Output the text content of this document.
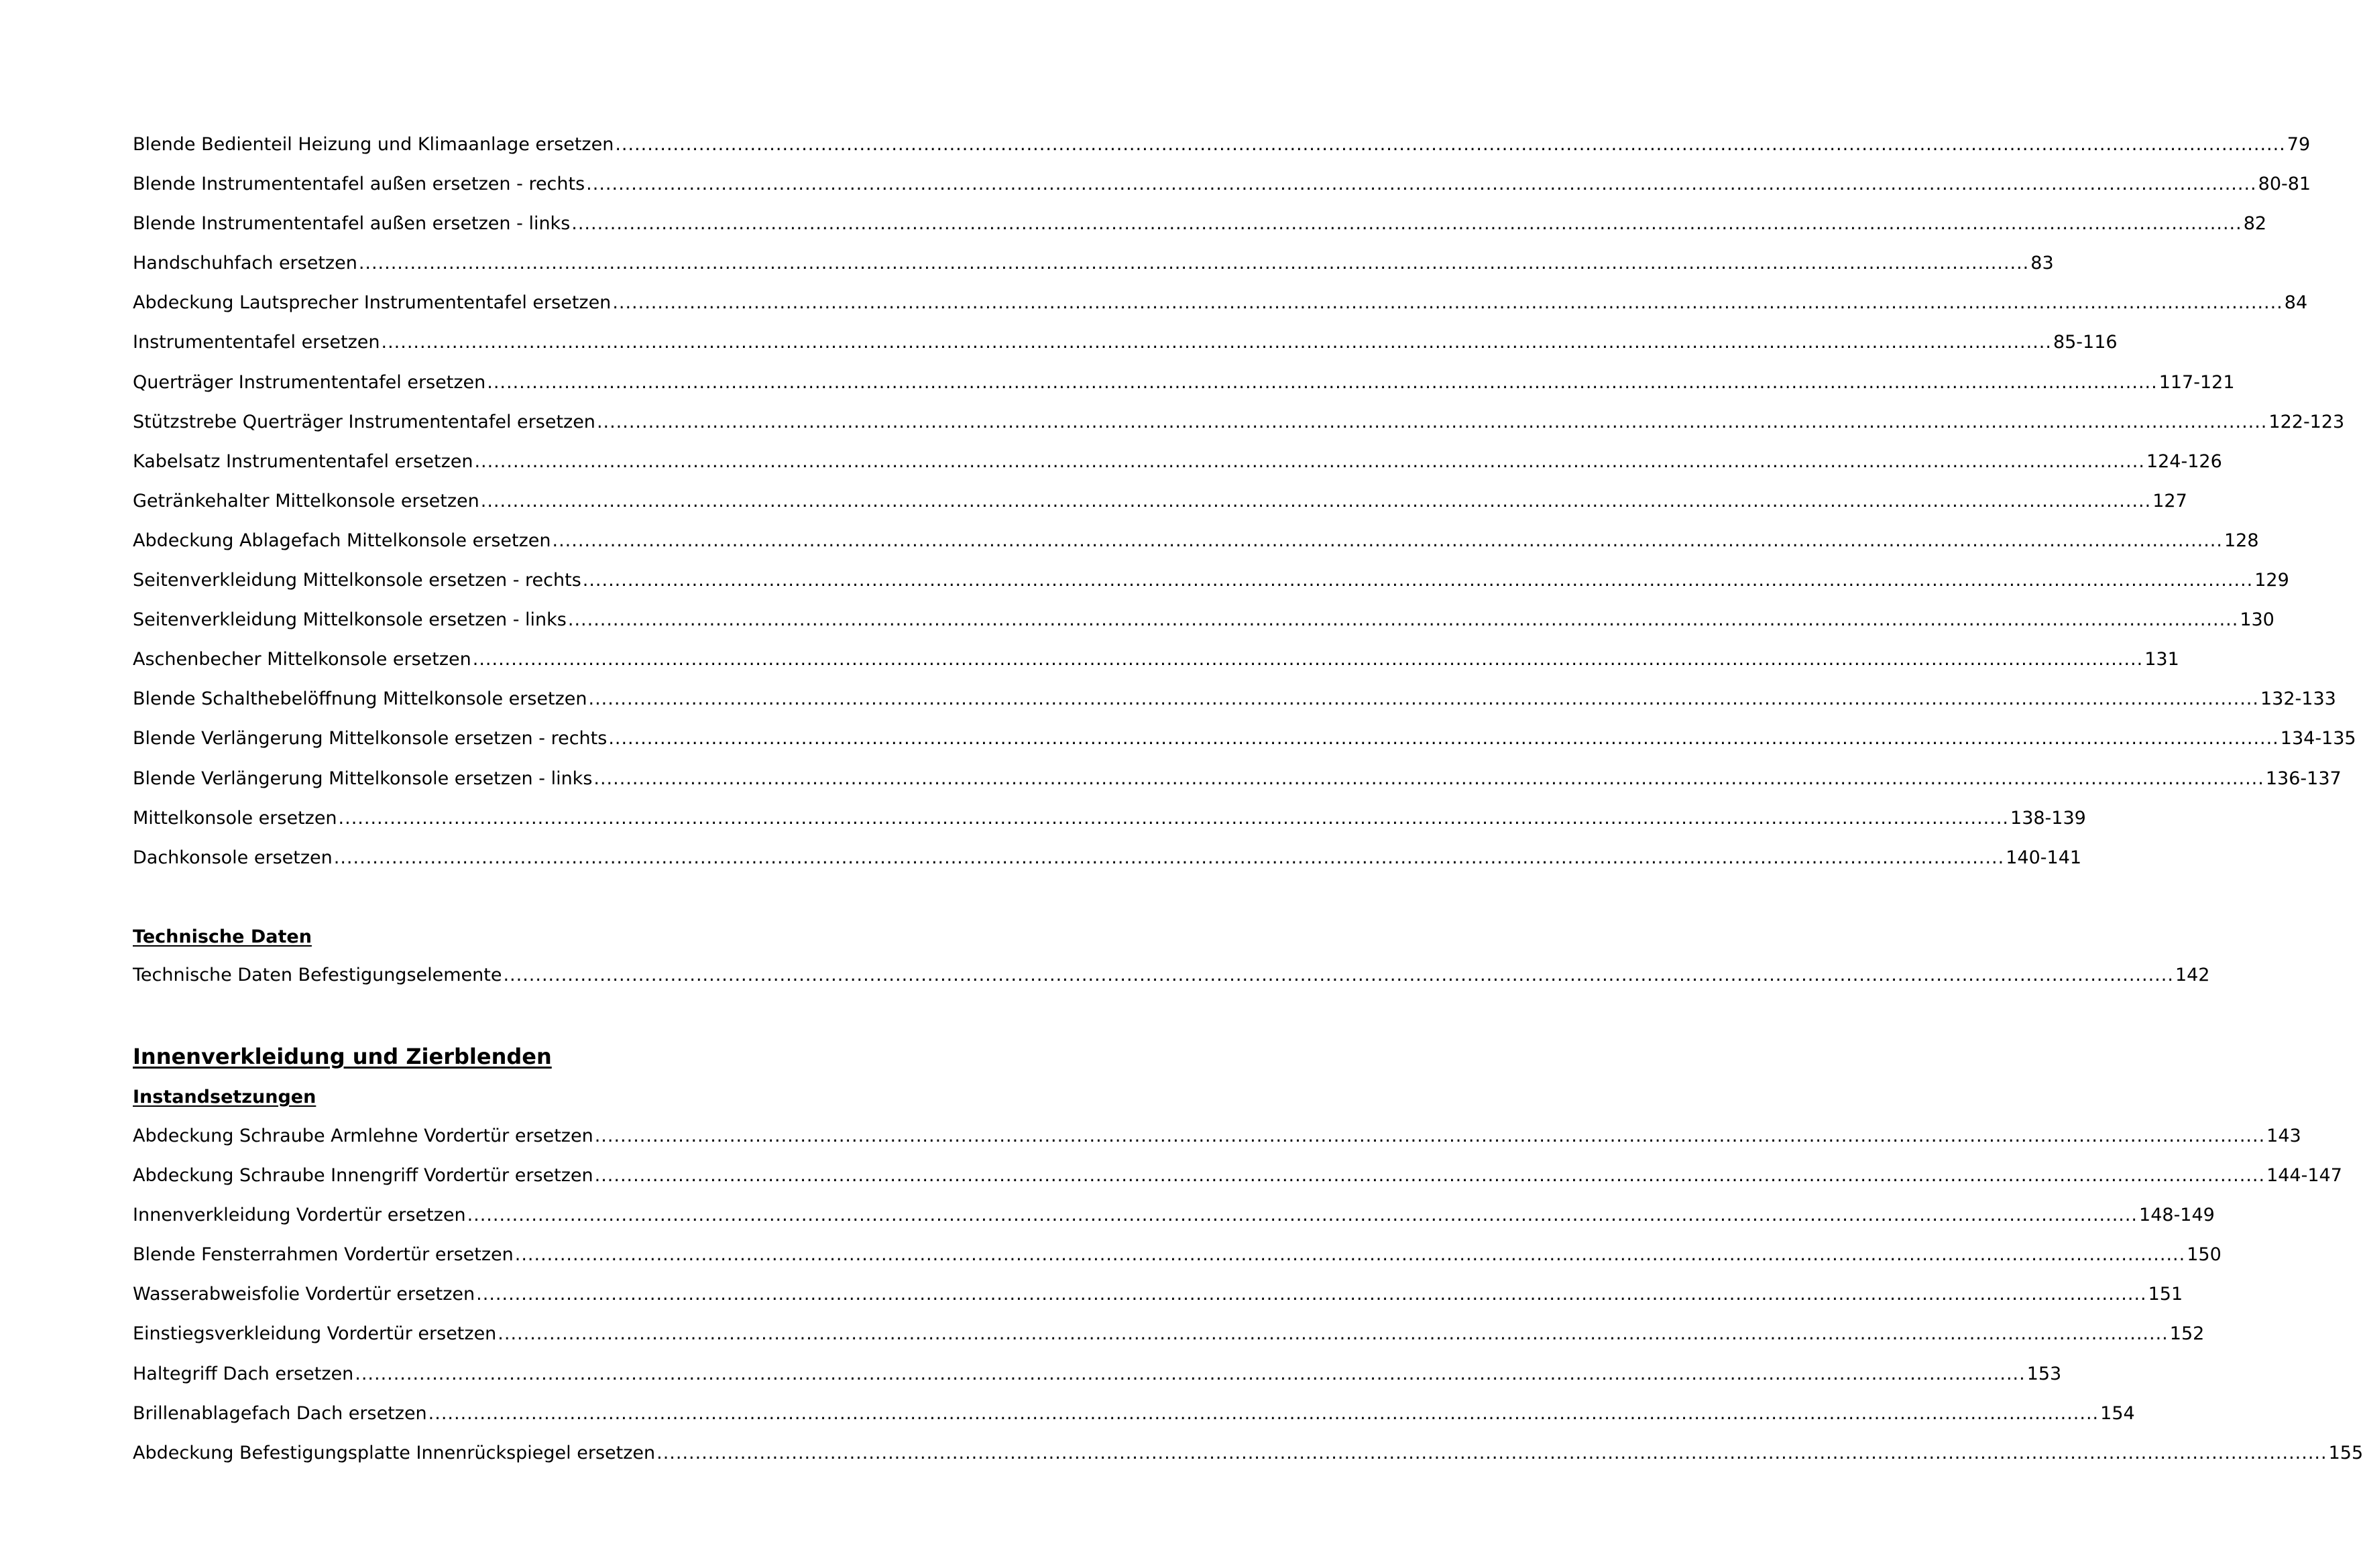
Blende Bedienteil Heizung und Klimaanlage ersetzen .................................................................................................................................................................................................................................................................... 79
Blende Instrumententafel außen ersetzen - rechts .................................................................................................................................................................................................................................................................... 80-81
Blende Instrumententafel außen ersetzen - links .................................................................................................................................................................................................................................................................... 82
Handschuhfach ersetzen .................................................................................................................................................................................................................................................................... 83
Abdeckung Lautsprecher Instrumententafel ersetzen .................................................................................................................................................................................................................................................................... 84
Instrumententafel ersetzen .................................................................................................................................................................................................................................................................... 85-116
Querträger Instrumententafel ersetzen .................................................................................................................................................................................................................................................................... 117-121
Stützstrebe Querträger Instrumententafel ersetzen .................................................................................................................................................................................................................................................................... 122-123
Kabelsatz Instrumententafel ersetzen .................................................................................................................................................................................................................................................................... 124-126
Getränkehalter Mittelkonsole ersetzen .................................................................................................................................................................................................................................................................... 127
Abdeckung Ablagefach Mittelkonsole ersetzen .................................................................................................................................................................................................................................................................... 128
Seitenverkleidung Mittelkonsole ersetzen - rechts .................................................................................................................................................................................................................................................................... 129
Seitenverkleidung Mittelkonsole ersetzen - links .................................................................................................................................................................................................................................................................... 130
Aschenbecher Mittelkonsole ersetzen .................................................................................................................................................................................................................................................................... 131
Blende Schalthebelöffnung Mittelkonsole ersetzen .................................................................................................................................................................................................................................................................... 132-133
Blende Verlängerung Mittelkonsole ersetzen - rechts .................................................................................................................................................................................................................................................................... 134-135
Blende Verlängerung Mittelkonsole ersetzen - links .................................................................................................................................................................................................................................................................... 136-137
Mittelkonsole ersetzen .................................................................................................................................................................................................................................................................... 138-139
Dachkonsole ersetzen .................................................................................................................................................................................................................................................................... 140-141
Technische Daten
Technische Daten Befestigungselemente .................................................................................................................................................................................................................................................................... 142
Innenverkleidung und Zierblenden
Instandsetzungen
Abdeckung Schraube Armlehne Vordertür ersetzen .................................................................................................................................................................................................................................................................... 143
Abdeckung Schraube Innengriff Vordertür ersetzen .................................................................................................................................................................................................................................................................... 144-147
Innenverkleidung Vordertür ersetzen .................................................................................................................................................................................................................................................................... 148-149
Blende Fensterrahmen Vordertür ersetzen .................................................................................................................................................................................................................................................................... 150
Wasserabweisfolie Vordertür ersetzen .................................................................................................................................................................................................................................................................... 151
Einstiegsverkleidung Vordertür ersetzen .................................................................................................................................................................................................................................................................... 152
Haltegriff Dach ersetzen .................................................................................................................................................................................................................................................................... 153
Brillenablagefach Dach ersetzen .................................................................................................................................................................................................................................................................... 154
Abdeckung Befestigungsplatte Innenrückspiegel ersetzen .................................................................................................................................................................................................................................................................... 155
